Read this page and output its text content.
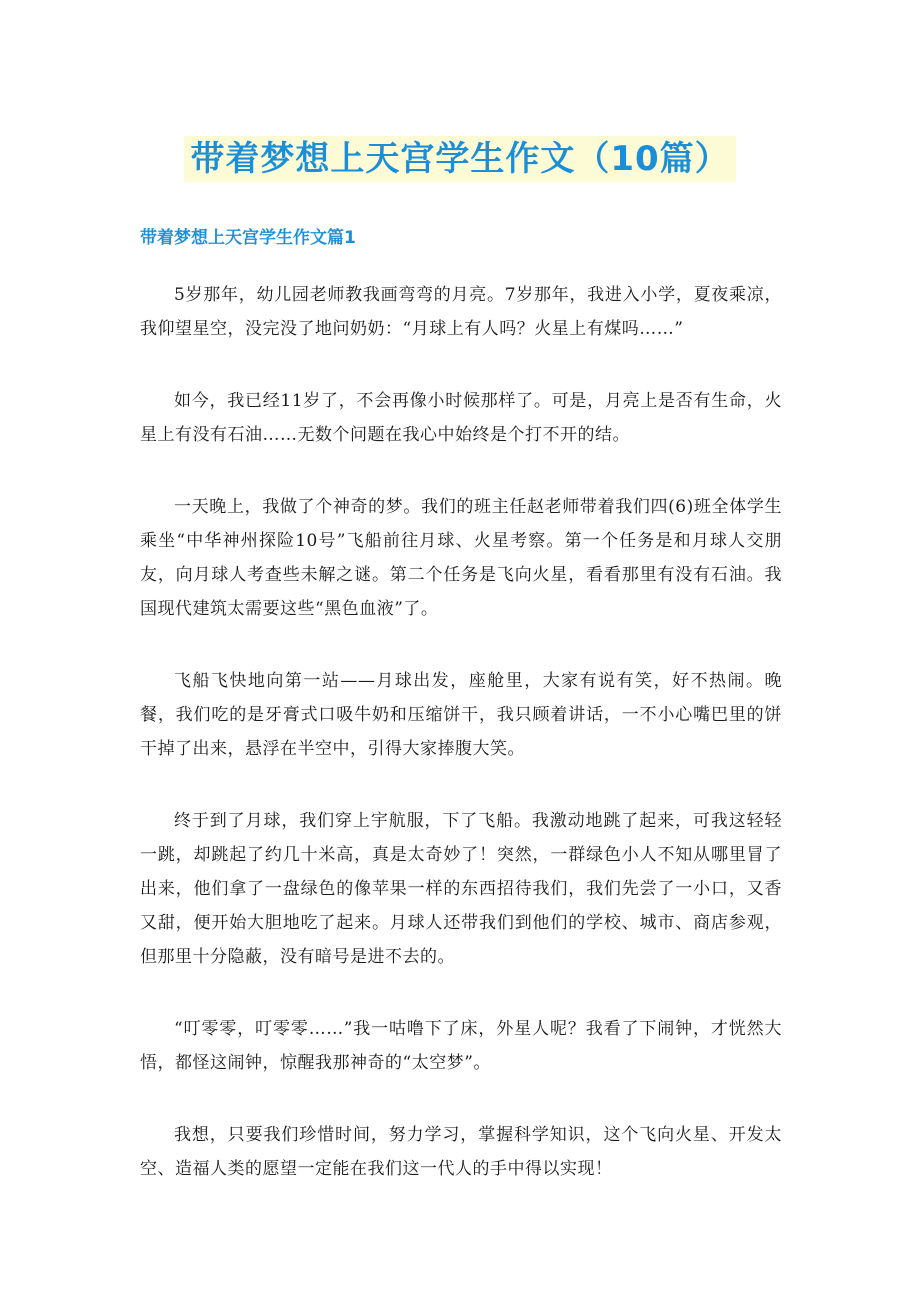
带着梦想上天宫学生作文（10篇）
带着梦想上天宫学生作文篇1

5岁那年，幼儿园老师教我画弯弯的月亮。7岁那年，我进入小学，夏夜乘凉，我仰望星空，没完没了地问奶奶：“月球上有人吗？火星上有煤吗……”

如今，我已经11岁了，不会再像小时候那样了。可是，月亮上是否有生命，火星上有没有石油……无数个问题在我心中始终是个打不开的结。

一天晚上，我做了个神奇的梦。我们的班主任赵老师带着我们四(6)班全体学生乘坐“中华神州探险10号”飞船前往月球、火星考察。第一个任务是和月球人交朋友，向月球人考查些未解之谜。第二个任务是飞向火星，看看那里有没有石油。我国现代建筑太需要这些“黑色血液”了。

飞船飞快地向第一站——月球出发，座舱里，大家有说有笑，好不热闹。晚餐，我们吃的是牙膏式口吸牛奶和压缩饼干，我只顾着讲话，一不小心嘴巴里的饼干掉了出来，悬浮在半空中，引得大家捧腹大笑。

终于到了月球，我们穿上宇航服，下了飞船。我激动地跳了起来，可我这轻轻一跳，却跳起了约几十米高，真是太奇妙了！突然，一群绿色小人不知从哪里冒了出来，他们拿了一盘绿色的像苹果一样的东西招待我们，我们先尝了一小口，又香又甜，便开始大胆地吃了起来。月球人还带我们到他们的学校、城市、商店参观，但那里十分隐蔽，没有暗号是进不去的。

“叮零零，叮零零……”我一咕噜下了床，外星人呢？我看了下闹钟，才恍然大悟，都怪这闹钟，惊醒我那神奇的“太空梦”。

我想，只要我们珍惜时间，努力学习，掌握科学知识，这个飞向火星、开发太空、造福人类的愿望一定能在我们这一代人的手中得以实现！
